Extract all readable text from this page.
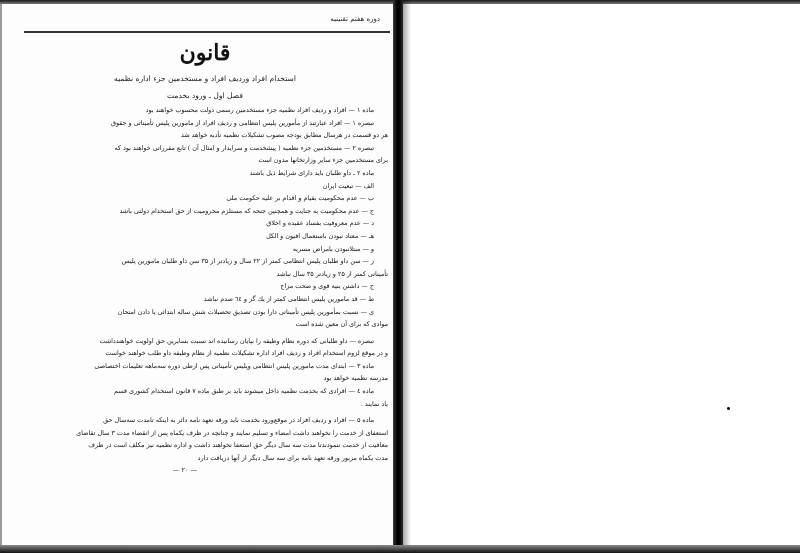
دوره هفتم تقنینیه
قانون
استخدام افراد وردیف افراد و مستخدمین جزء اداره نظمیه
فصل اول ـ ورود بخدمت
ماده ۱ — افراد و ردیف افراد نظمیه جزء مستخدمین رسمی دولت محسوب خواهند بود
تبصره ۱ — افراد عبارتند از مأمورین پلیس انتظامی و ردیف افراد از مامورین پلیس تأمیناتی و حقوق
هر دو قسمت در هرسال مطابق بودجه مصوب تشکیلات نظمیه تأدیه خواهد شد
تبصره ۲ — مستخدمین جزء نظمیه ( پیشخدمت و سرایدار و امثال آن ) تابع مقرراتی خواهند بود که
برای مستخدمین جزء سایر وزارتخانها مدون است
ماده ۲ ـ داو طلبان باید دارای شرایط ذیل باشند
الف — تبعیت ایران
ب — عدم محکومیت بقیام و اقدام بر علیه حکومت ملی
ج — عدم محکومیت به جنایت و همچنین جنحه که مستلزم محرومیت از حق استخدام دولتی باشد
د — عدم معروفیت بفساد عقیده و اخلاق
هـ — معتاد نبودن باستعمال افیون و الکل
و — مبتلانبودن بامراض مسریه
ز — سن داو طلبان پلیس انتظامی کمتر از ۲۲ سال و زیادتر از ۳۵ سن داو طلبان مامورین پلیس
تأمیناتی کمتر از ۲۵ و زیادتر ۳۵ سال نباشد
ح — داشتن بنیه قوی و صحت مزاج
ط — قد مامورین پلیس انتظامی کمتر از یك گز و ٦٤ صدم نباشد
ی — نسبت بمأمورین پلیس تأمیناتی دارا بودن تصدیق تحصیلات شش ساله ابتدائی یا دادن امتحان
موادی که برای آن معین شده است
تبصره — داو طلبانی که دوره نظام وظیفه را بپایان رسانیده اند نسبت بسایرین حق اولویت خواهندداشت
و در موقع لزوم استخدام افراد و ردیف افراد اداره تشکیلات نظمیه از نظام وظیفه داو طلب خواهند خواست
ماده ۳ — ابتدای مدت مامورین پلیس انتظامی وپلیس تأمیناتی پس ازطی دوره سه‌ماهه تعلیمات اختصاصی
مدرسه نظمیه خواهد بود
ماده ٤ — افرادی که بخدمت نظمیه داخل میشوند باید بر طبق ماده ۷ قانون استخدام کشوری قسم
یاد نمایند .
ماده ۵ — افراد و ردیف افراد در موقع‌ورود بخدمت باید ورقه تعهد نامه دائر به اینکه تامدت سه‌سال حق
استعفای از خدمت را نخواهند داشت امضاء و تسلیم نمایند و چنانچه در ظرف یکماه پس از انقضاء مدت ۳ سال تقاضای
معافیت از خدمت ننمودندتا مدت سه سال دیگر حق استعفا نخواهند داشت و اداره نظمیه نیز مکلف است در ظرف
مدت یکماه مزبور ورقه تعهد نامه برای سه سال دیگر از آنها دریافت دارد
— ۲۰ —
